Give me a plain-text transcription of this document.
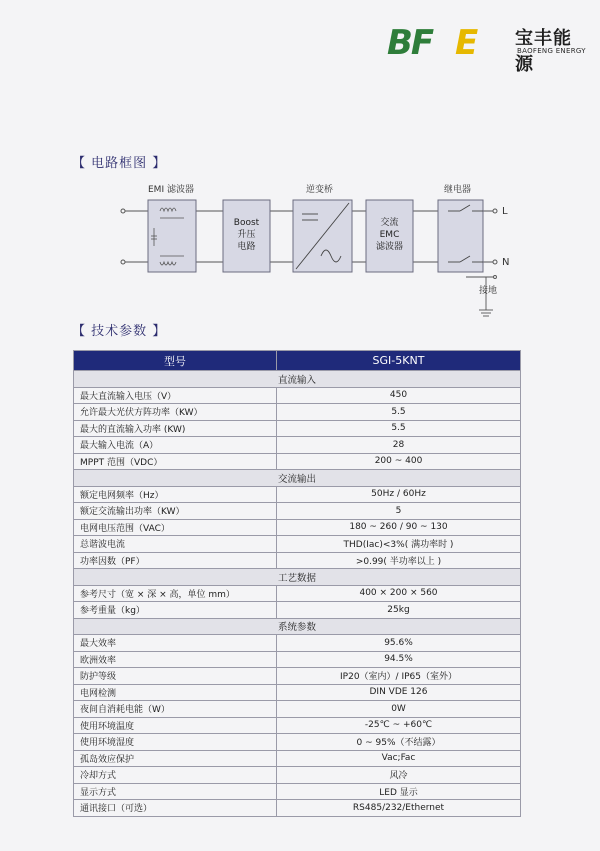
BF E 宝丰能源
BAOFENG ENERGY
【 电路框图 】
EMI 滤波器	逆变桥	继电器
L
N
接地
Boost
升压
电路
交流
EMC
滤波器
【 技术参数 】
型号	SGI-5KNT
直流输入	
最大直流输入电压（V）	450
允许最大光伏方阵功率（KW）	5.5
最大的直流输入功率 (KW)	5.5
最大输入电流（A）	28
MPPT 范围（VDC）	200 ~ 400
交流输出	
额定电网频率（Hz）	50Hz / 60Hz
额定交流输出功率（KW）	5
电网电压范围（VAC）	180 ~ 260 / 90 ~ 130
总谐波电流	THD(Iac)<3%( 满功率时 )
功率因数（PF）	>0.99( 半功率以上 )
工艺数据	
参考尺寸（宽 × 深 × 高，单位 mm）	400 × 200 × 560
参考重量（kg）	25kg
系统参数	
最大效率	95.6%
欧洲效率	94.5%
防护等级	IP20（室内）/ IP65（室外）
电网检测	DIN VDE 126
夜间自消耗电能（W）	0W
使用环境温度	-25℃ ~ +60℃
使用环境湿度	0 ~ 95%（不结露）
孤岛效应保护	Vac;Fac
冷却方式	风冷
显示方式	LED 显示
通讯接口（可选）	RS485/232/Ethernet
